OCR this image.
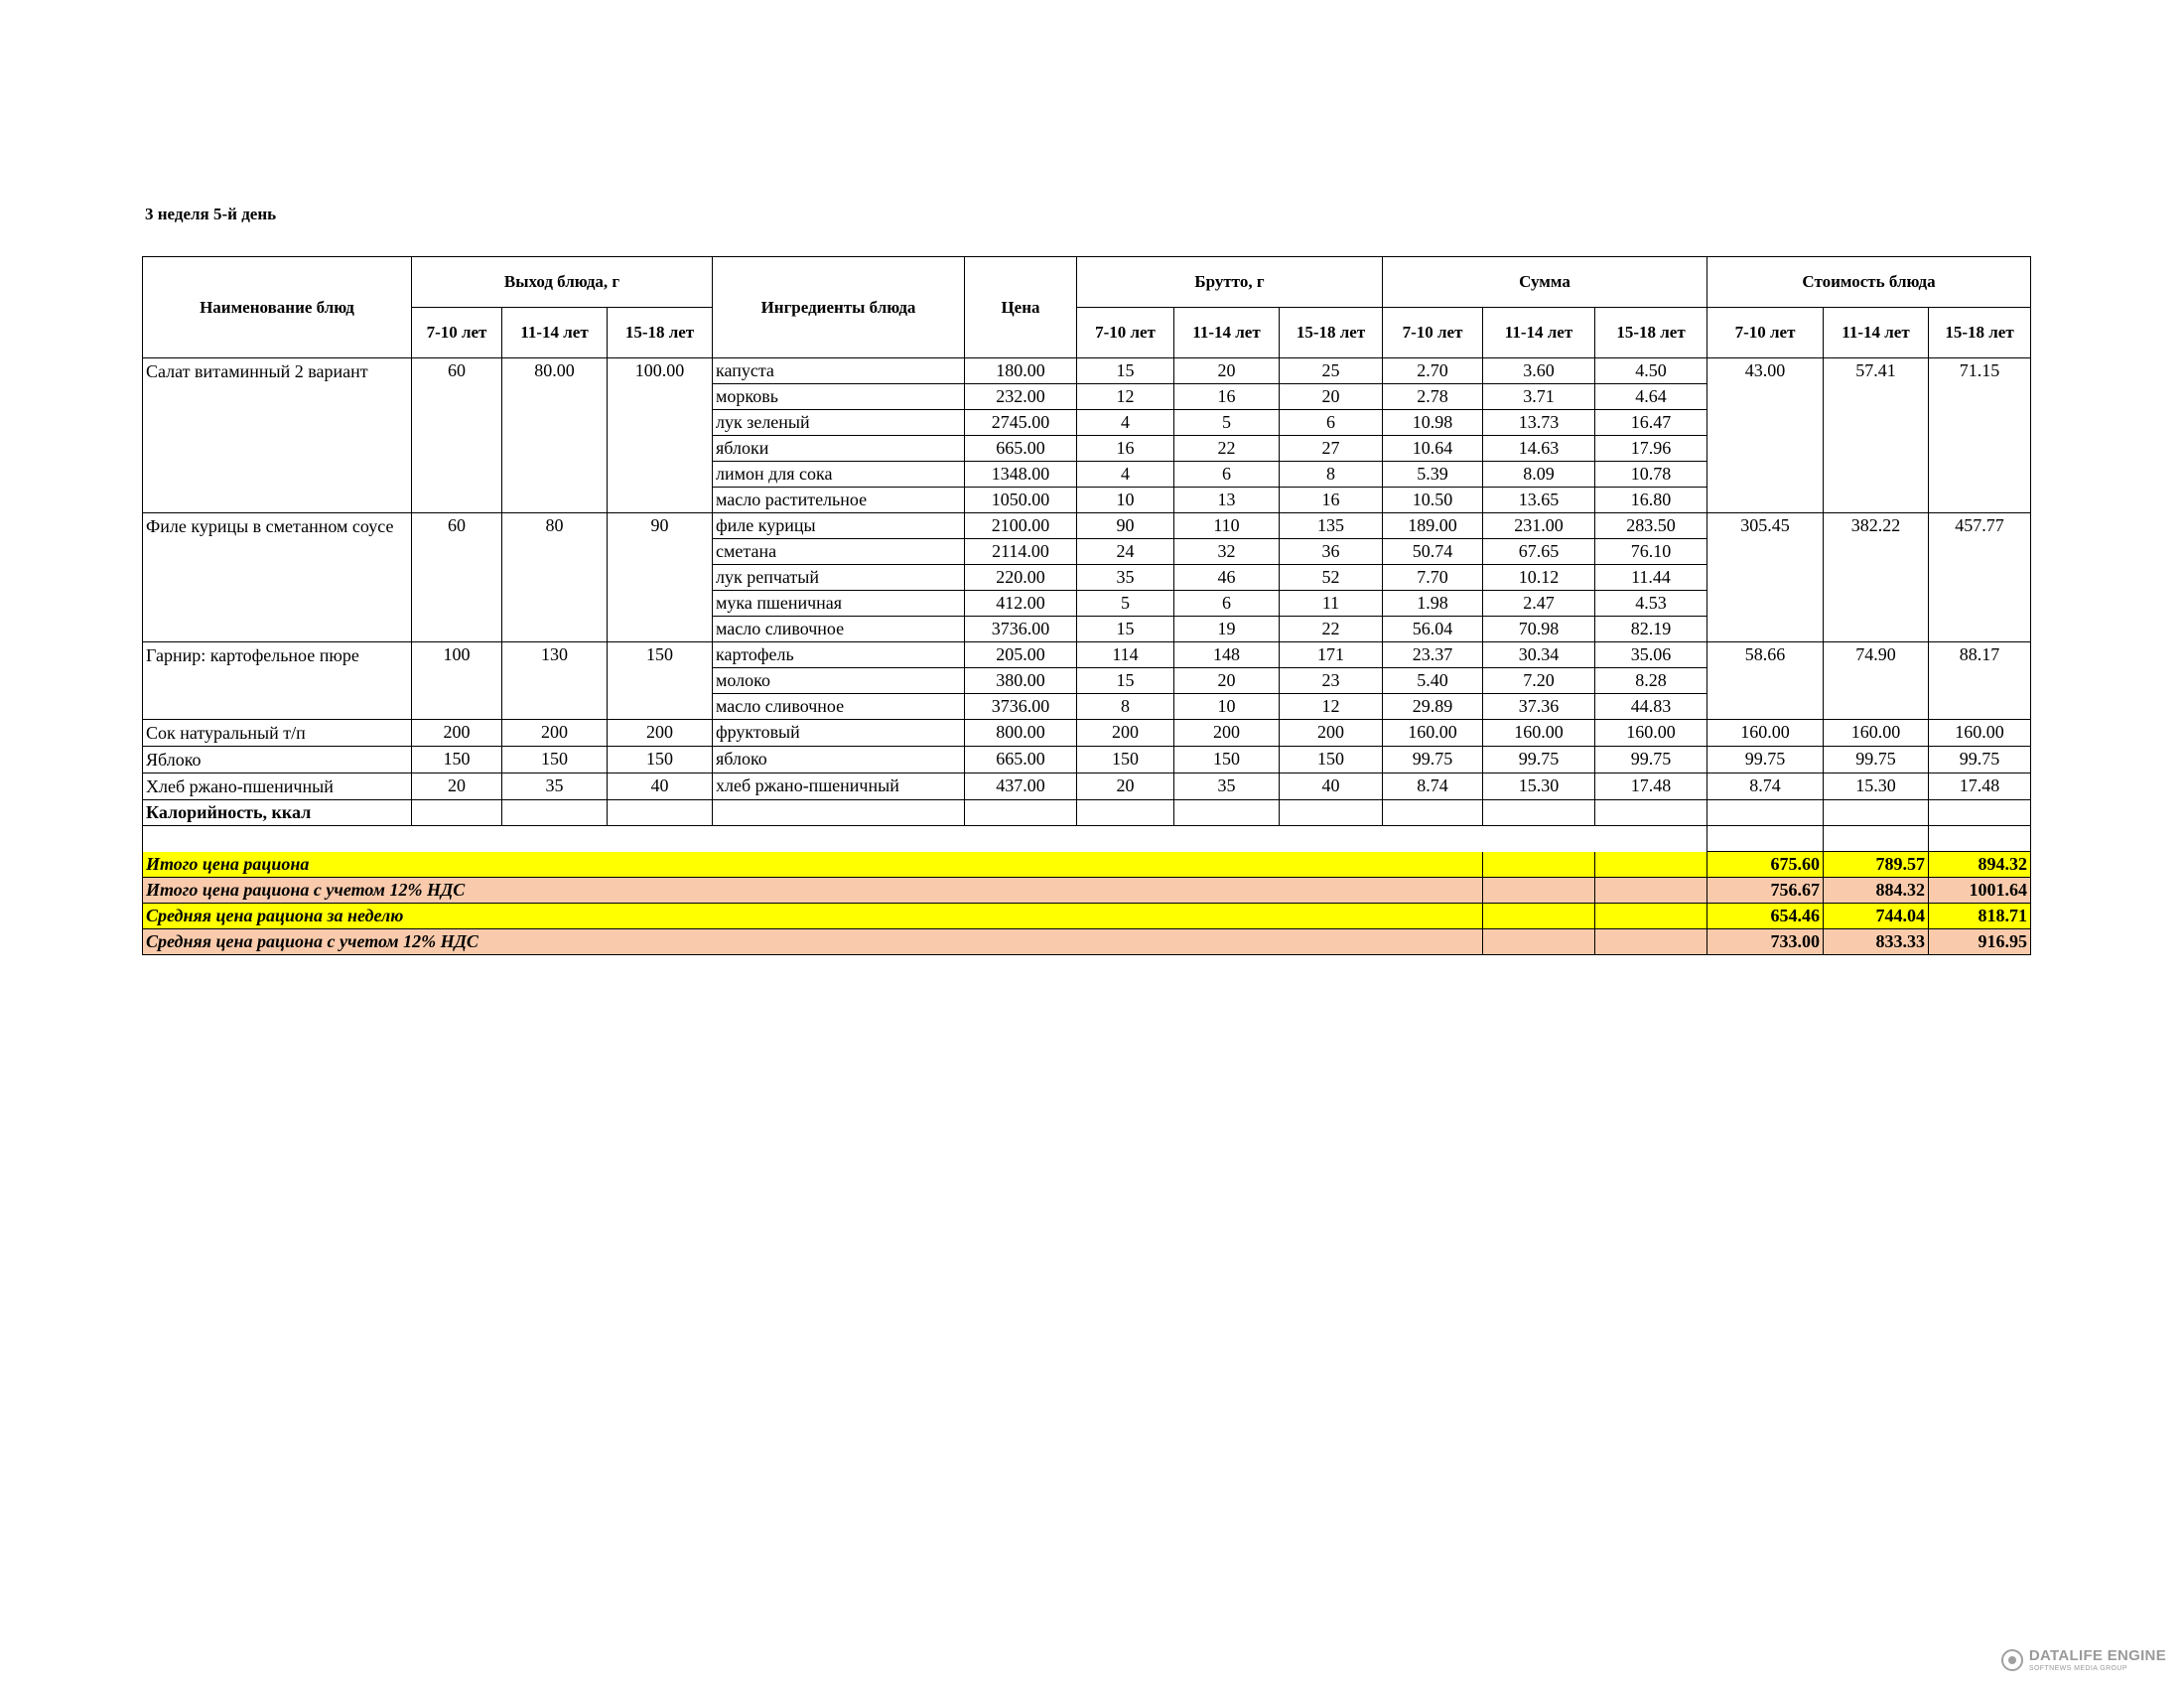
3 неделя 5-й день
Наименование блюд	Выход блюда, г			Ингредиенты блюда	Цена	Брутто, г			Сумма			Стоимость блюда		
	7-10 лет	11-14 лет	15-18 лет			7-10 лет	11-14 лет	15-18 лет	7-10 лет	11-14 лет	15-18 лет	7-10 лет	11-14 лет	15-18 лет
Салат витаминный 2 вариант	60	80.00	100.00	капуста	180.00	15	20	25	2.70	3.60	4.50	43.00	57.41	71.15
				морковь	232.00	12	16	20	2.78	3.71	4.64			
				лук зеленый	2745.00	4	5	6	10.98	13.73	16.47			
				яблоки	665.00	16	22	27	10.64	14.63	17.96			
				лимон для сока	1348.00	4	6	8	5.39	8.09	10.78			
				масло растительное	1050.00	10	13	16	10.50	13.65	16.80			
Филе курицы в сметанном соусе	60	80	90	филе курицы	2100.00	90	110	135	189.00	231.00	283.50	305.45	382.22	457.77
				сметана	2114.00	24	32	36	50.74	67.65	76.10			
				лук репчатый	220.00	35	46	52	7.70	10.12	11.44			
				мука пшеничная	412.00	5	6	11	1.98	2.47	4.53			
				масло сливочное	3736.00	15	19	22	56.04	70.98	82.19			
Гарнир: картофельное пюре	100	130	150	картофель	205.00	114	148	171	23.37	30.34	35.06	58.66	74.90	88.17
				молоко	380.00	15	20	23	5.40	7.20	8.28			
				масло сливочное	3736.00	8	10	12	29.89	37.36	44.83			
Сок натуральный т/п	200	200	200	фруктовый	800.00	200	200	200	160.00	160.00	160.00	160.00	160.00	160.00
Яблоко	150	150	150	яблоко	665.00	150	150	150	99.75	99.75	99.75	99.75	99.75	99.75
Хлеб ржано-пшеничный	20	35	40	хлеб ржано-пшеничный	437.00	20	35	40	8.74	15.30	17.48	8.74	15.30	17.48
Калорийность, ккал														

Итого цена рациона												675.60	789.57	894.32
Итого цена рациона с учетом 12% НДС												756.67	884.32	1001.64
Средняя цена рациона за неделю												654.46	744.04	818.71
Средняя цена рациона с учетом 12% НДС												733.00	833.33	916.95
DATALIFE ENGINE
SOFTNEWS MEDIA GROUP
